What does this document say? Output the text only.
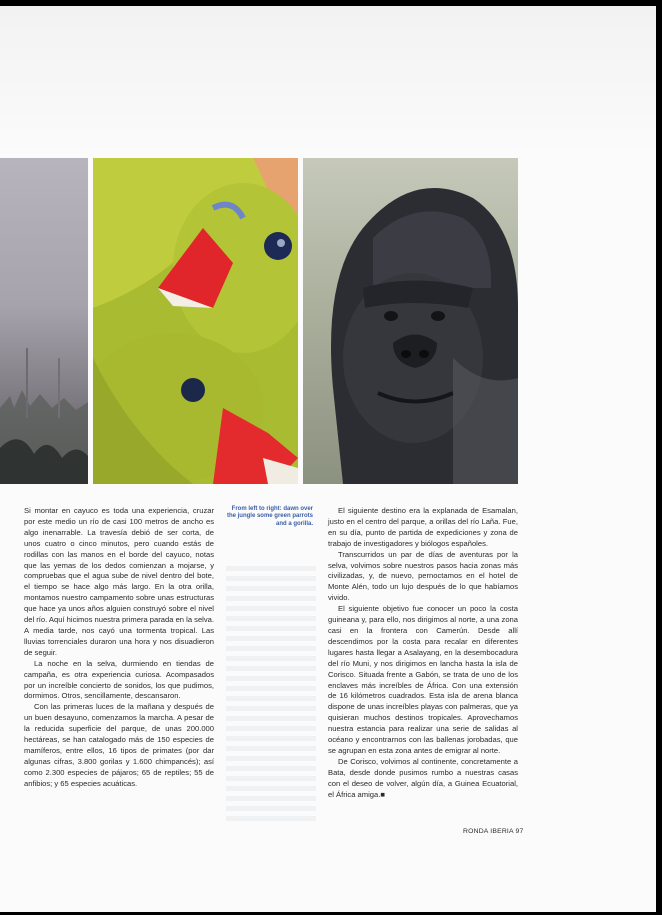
Si montar en cayuco es toda una experiencia, cruzar por este medio un río de casi 100 metros de ancho es algo inenarrable. La travesía debió de ser corta, de unos cuatro o cinco minutos, pero cuando estás de rodillas con las manos en el borde del cayuco, notas que las yemas de los dedos comienzan a mojarse, y compruebas que el agua sube de nivel dentro del bote, el tiempo se hace algo más largo. En la otra orilla, montamos nuestro campamento sobre unas estructuras que hace ya unos años alguien construyó sobre el nivel del río. Aquí hicimos nuestra primera parada en la selva. A media tarde, nos cayó una tormenta tropical. Las lluvias torrenciales duraron una hora y nos disuadieron de seguir.

La noche en la selva, durmiendo en tiendas de campaña, es otra experiencia curiosa. Acompasados por un increíble concierto de sonidos, los que pudimos, dormimos. Otros, sencillamente, descansaron.

Con las primeras luces de la mañana y después de un buen desayuno, comenzamos la marcha. A pesar de la reducida superficie del parque, de unas 200.000 hectáreas, se han catalogado más de 150 especies de mamíferos, entre ellos, 16 tipos de primates (por dar algunas cifras, 3.800 gorilas y 1.600 chimpancés); así como 2.300 especies de pájaros; 65 de reptiles; 55 de anfibios; y 65 especies acuáticas.

From left to right: dawn over the jungle some green parrots and a gorilla.

El siguiente destino era la explanada de Esamalan, justo en el centro del parque, a orillas del río Laña. Fue, en su día, punto de partida de expediciones y zona de trabajo de investigadores y biólogos españoles.

Transcurridos un par de días de aventuras por la selva, volvimos sobre nuestros pasos hacia zonas más civilizadas, y, de nuevo, pernoctamos en el hotel de Monte Alén, todo un lujo después de lo que habíamos vivido.

El siguiente objetivo fue conocer un poco la costa guineana y, para ello, nos dirigimos al norte, a una zona casi en la frontera con Camerún. Desde allí descendimos por la costa para recalar en diferentes lugares hasta llegar a Asalayang, en la desembocadura del río Muni, y nos dirigimos en lancha hasta la isla de Corisco. Situada frente a Gabón, se trata de uno de los enclaves más increíbles de África. Con una extensión de 16 kilómetros cuadrados. Esta isla de arena blanca dispone de unas increíbles playas con palmeras, que ya quisieran muchos destinos tropicales. Aprovechamos nuestra estancia para realizar una serie de salidas al océano y encontrarnos con las ballenas jorobadas, que se agrupan en esta zona antes de emigrar al norte.

De Corisco, volvimos al continente, concretamente a Bata, desde donde pusimos rumbo a nuestras casas con el deseo de volver, algún día, a Guinea Ecuatorial, el África amiga.■

RONDA IBERIA 97
